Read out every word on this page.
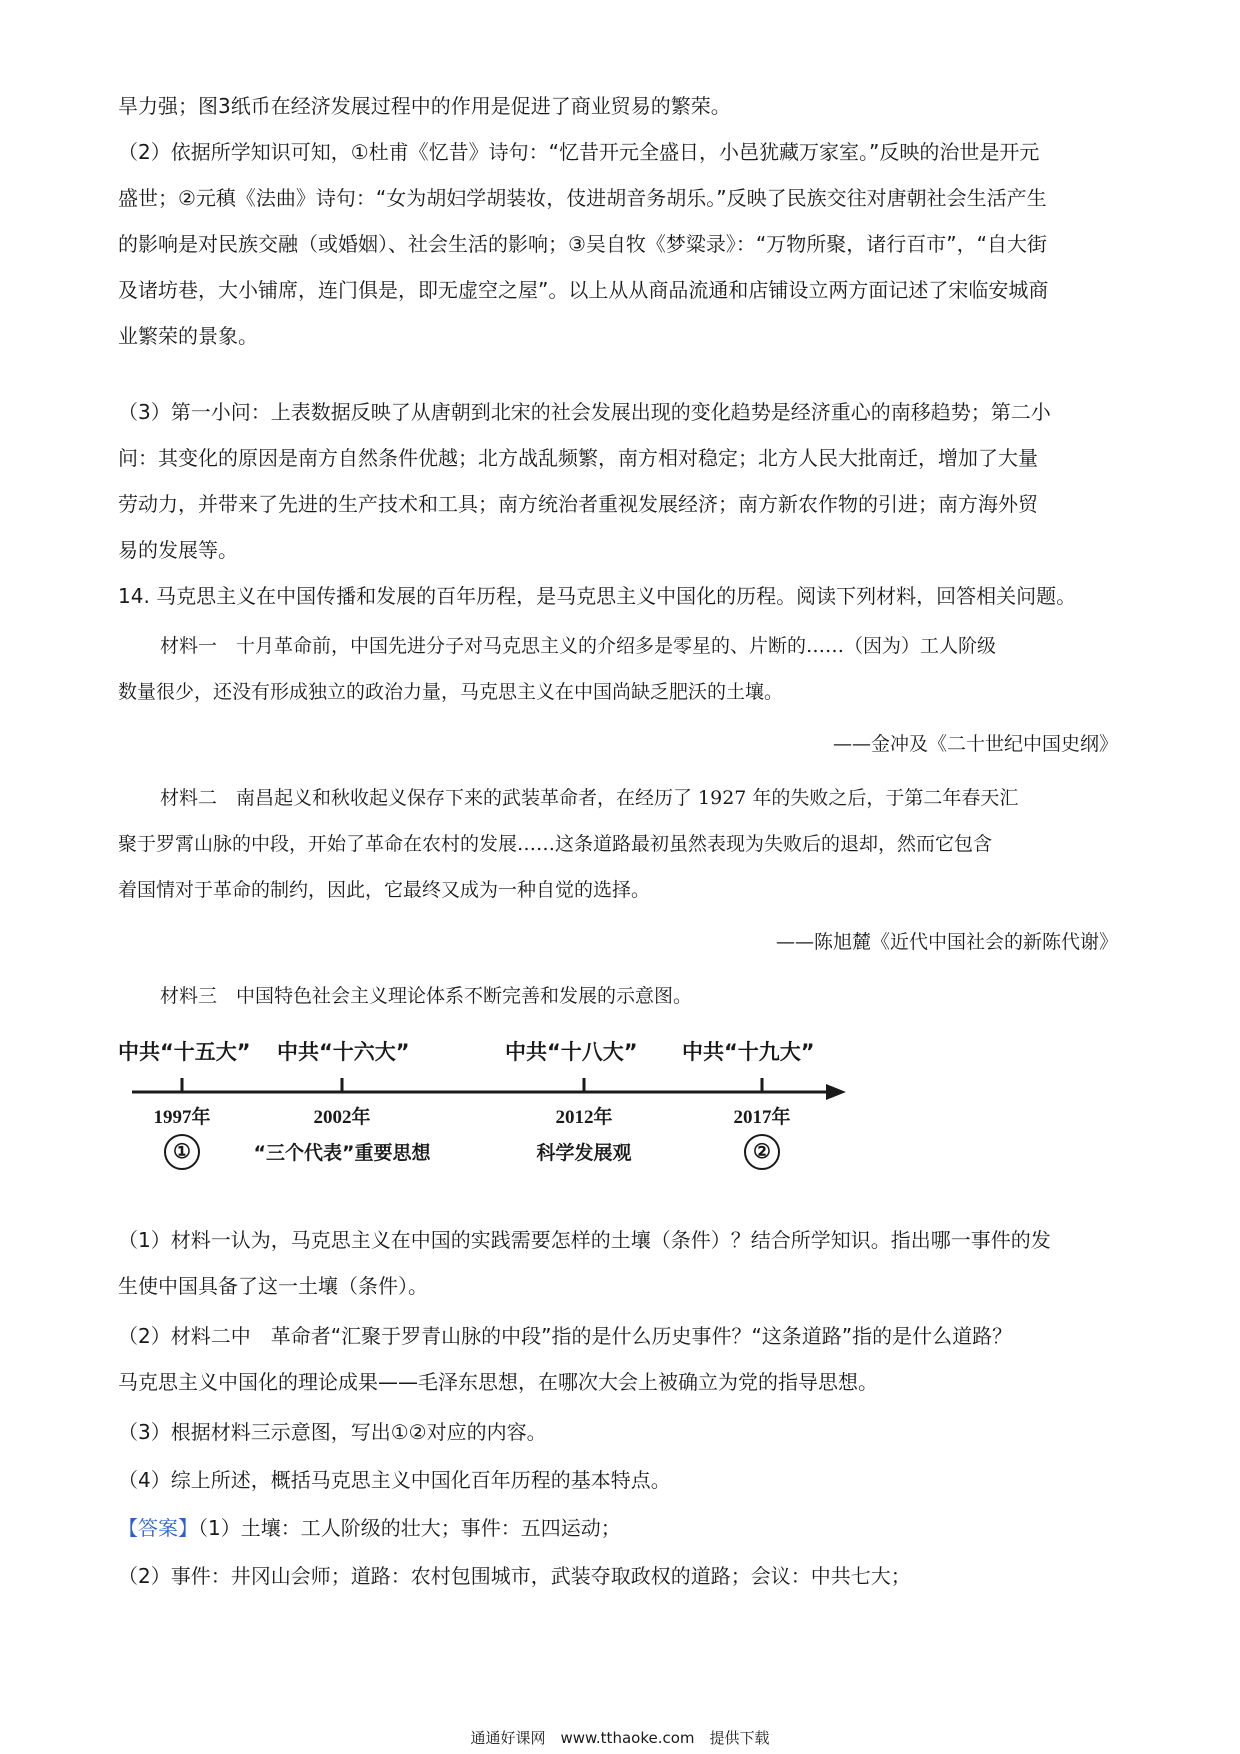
旱力强；图3纸币在经济发展过程中的作用是促进了商业贸易的繁荣。
（2）依据所学知识可知，①杜甫《忆昔》诗句：“忆昔开元全盛日，小邑犹藏万家室。”反映的治世是开元
盛世；②元稹《法曲》诗句：“女为胡妇学胡装妆，伎进胡音务胡乐。”反映了民族交往对唐朝社会生活产生
的影响是对民族交融（或婚姻）、社会生活的影响；③吴自牧《梦粱录》：“万物所聚，诸行百市”，“自大街
及诸坊巷，大小铺席，连门俱是，即无虚空之屋”。以上从从商品流通和店铺设立两方面记述了宋临安城商
业繁荣的景象。
（3）第一小问：上表数据反映了从唐朝到北宋的社会发展出现的变化趋势是经济重心的南移趋势；第二小
问：其变化的原因是南方自然条件优越；北方战乱频繁，南方相对稳定；北方人民大批南迁，增加了大量
劳动力，并带来了先进的生产技术和工具；南方统治者重视发展经济；南方新农作物的引进；南方海外贸
易的发展等。
14. 马克思主义在中国传播和发展的百年历程，是马克思主义中国化的历程。阅读下列材料，回答相关问题。
材料一　十月革命前，中国先进分子对马克思主义的介绍多是零星的、片断的……（因为）工人阶级
数量很少，还没有形成独立的政治力量，马克思主义在中国尚缺乏肥沃的土壤。
——金冲及《二十世纪中国史纲》
材料二　南昌起义和秋收起义保存下来的武装革命者，在经历了 1927 年的失败之后，于第二年春天汇
聚于罗霄山脉的中段，开始了革命在农村的发展……这条道路最初虽然表现为失败后的退却，然而它包含
着国情对于革命的制约，因此，它最终又成为一种自觉的选择。
——陈旭麓《近代中国社会的新陈代谢》
材料三　中国特色社会主义理论体系不断完善和发展的示意图。
中共“十五大” 中共“十六大”	中共“十八大” 中共“十九大”
1997年	2002年	2012年	2017年
①	“三个代表”重要思想	科学发展观	②
（1）材料一认为，马克思主义在中国的实践需要怎样的土壤（条件）？结合所学知识。指出哪一事件的发
生使中国具备了这一土壤（条件）。
（2）材料二中　革命者“汇聚于罗青山脉的中段”指的是什么历史事件？“这条道路”指的是什么道路？
马克思主义中国化的理论成果——毛泽东思想，在哪次大会上被确立为党的指导思想。
（3）根据材料三示意图，写出①②对应的内容。
（4）综上所述，概括马克思主义中国化百年历程的基本特点。
【答案】（1）土壤：工人阶级的壮大；事件：五四运动；
（2）事件：井冈山会师；道路：农村包围城市，武装夺取政权的道路；会议：中共七大；
通通好课网　www.tthaoke.com　提供下载
